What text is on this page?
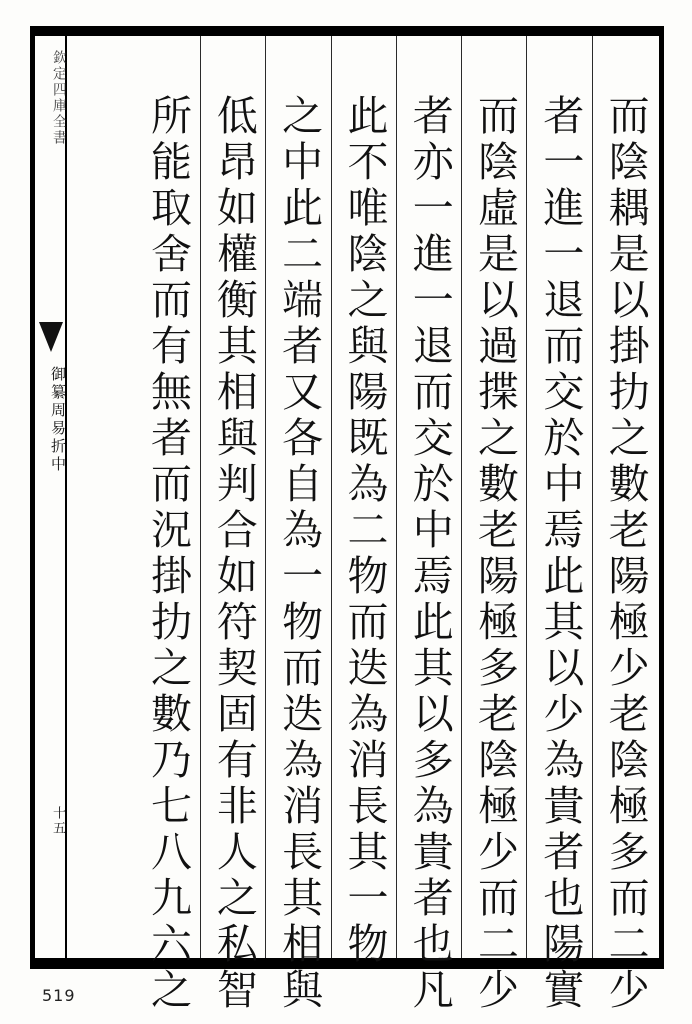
欽定四庫全書
御纂周易折中
十五	而陰耦是以掛扐之數老陽極少老陰極多而二少
者一進一退而交於中焉此其以少為貴者也陽實
而陰虛是以過揲之數老陽極多老陰極少而二少
者亦一進一退而交於中焉此其以多為貴者也凡
此不唯陰之與陽既為二物而迭為消長其一物
之中此二端者又各自為一物而迭為消長其相與
低昂如權衡其相與判合如符契固有非人之私智
所能取舍而有無者而況掛扐之數乃七八九六之
519
